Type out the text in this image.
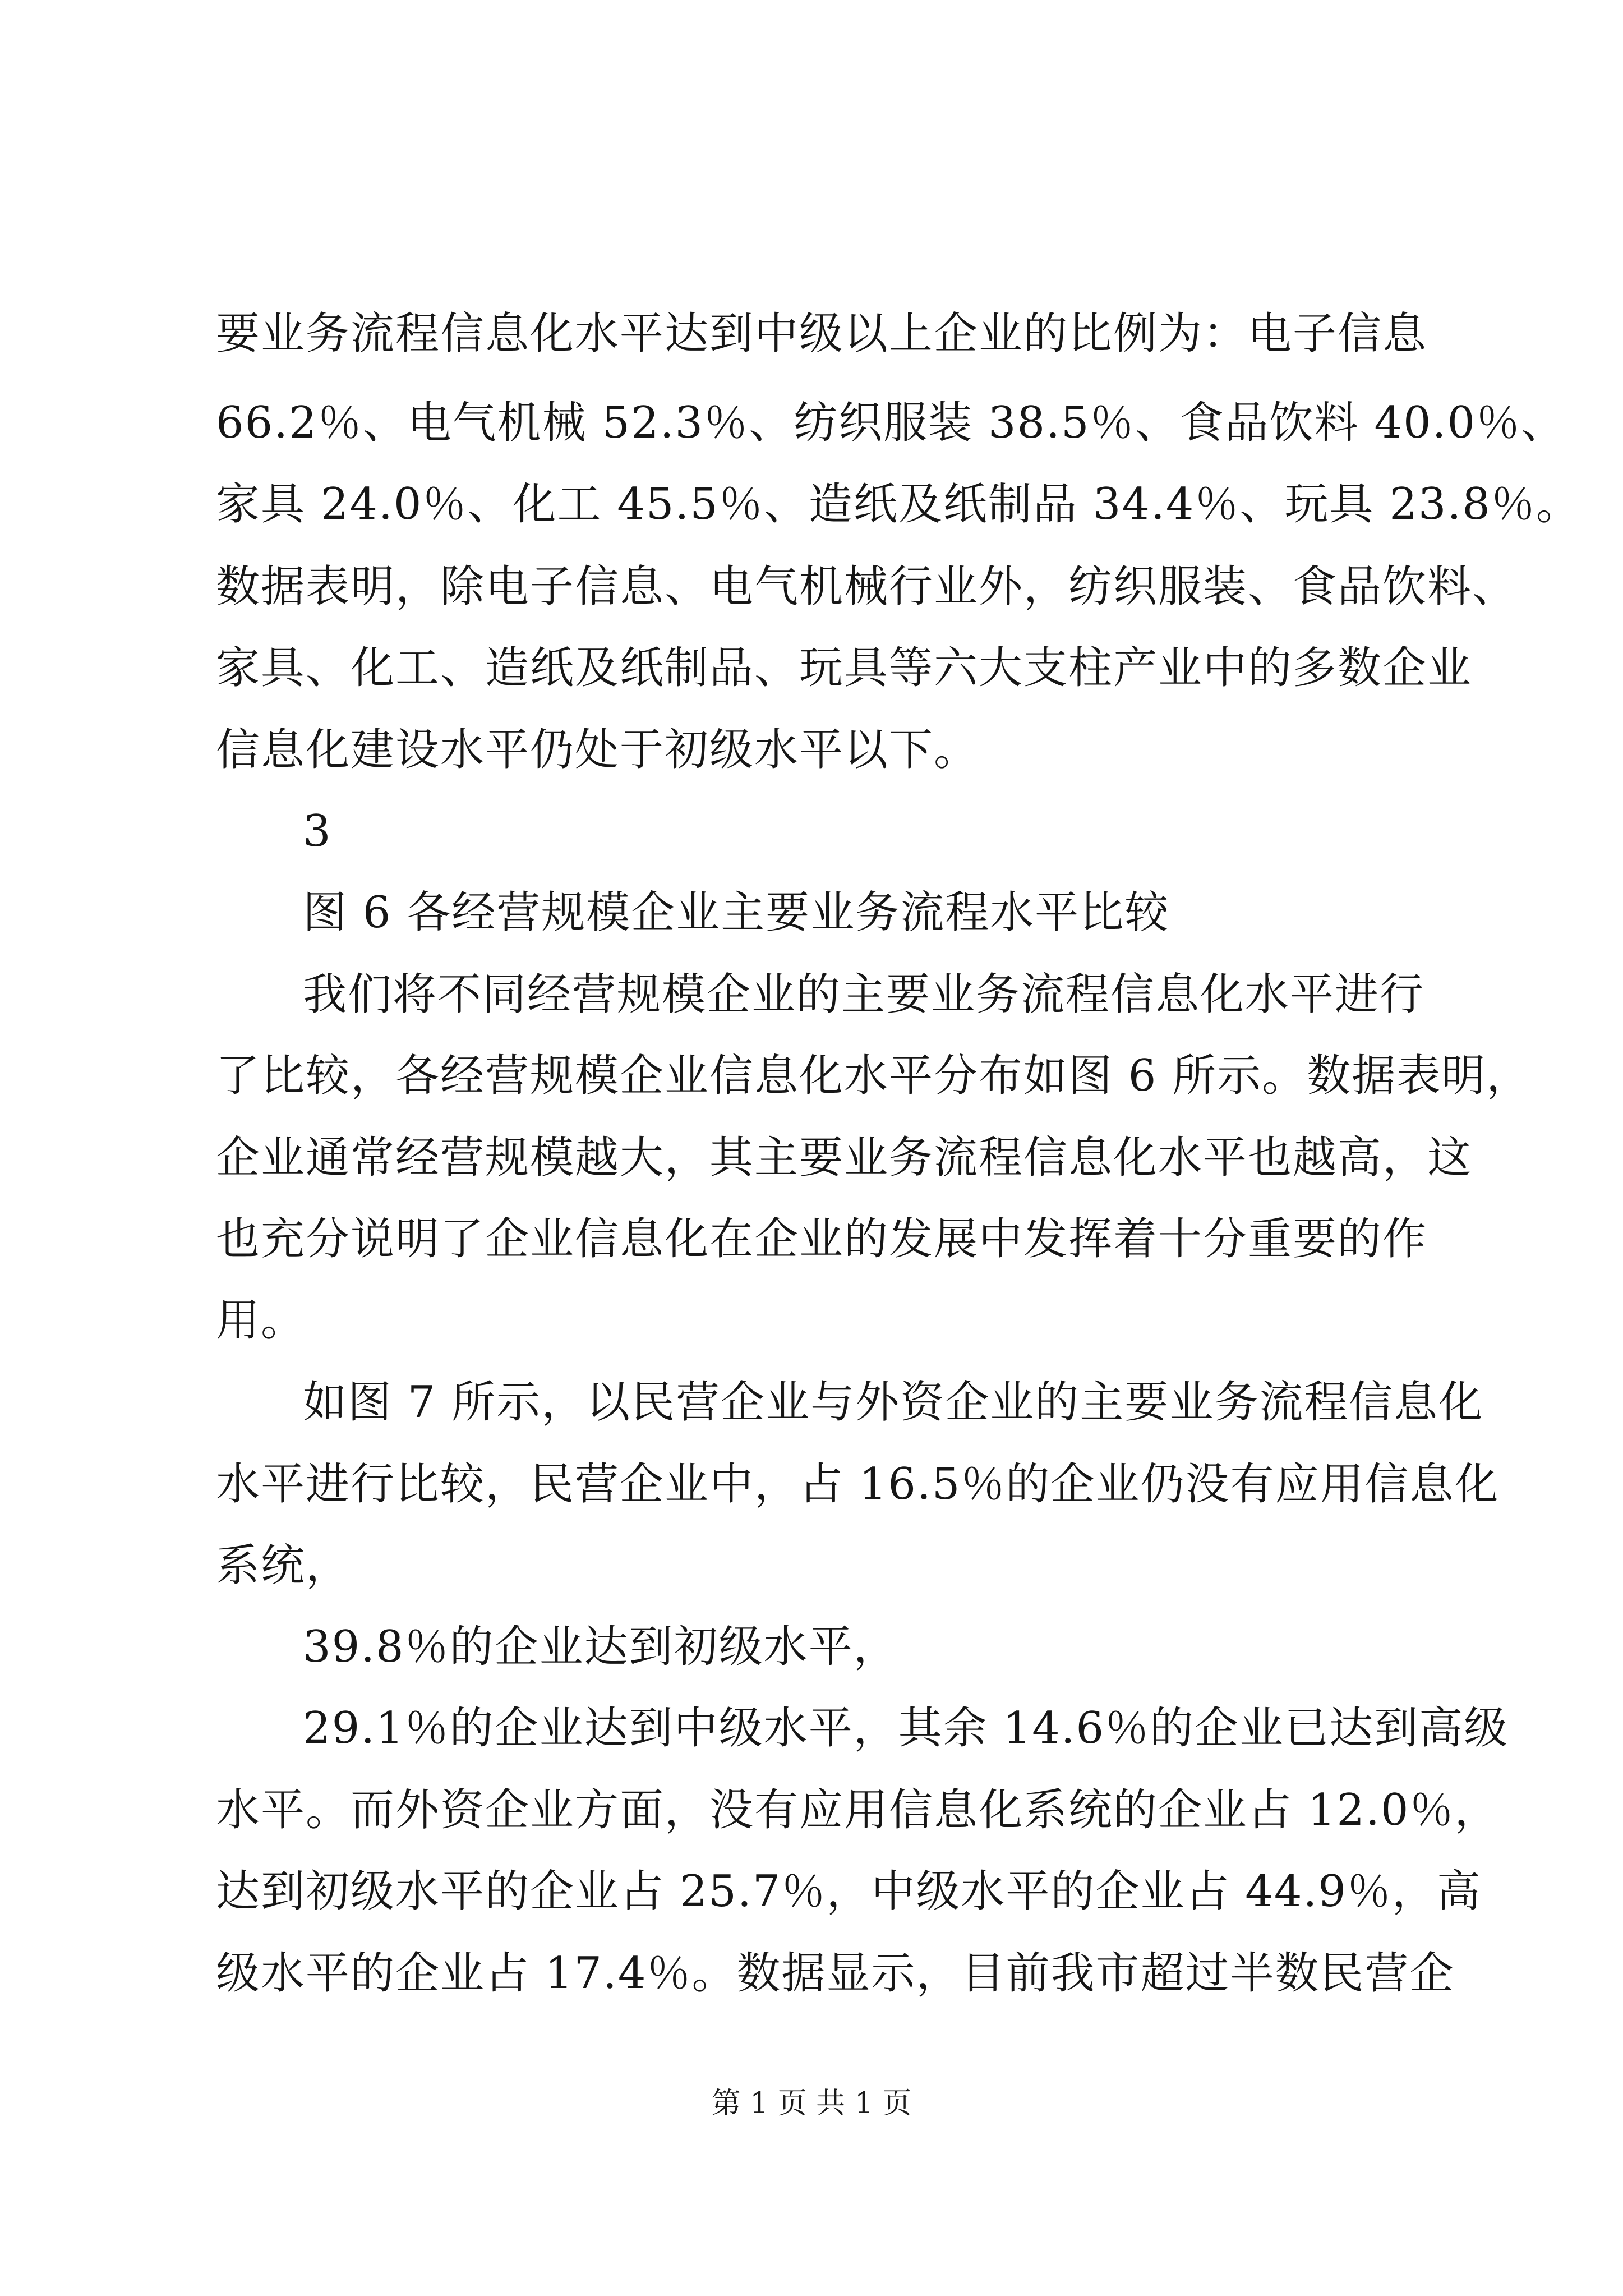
要业务流程信息化水平达到中级以上企业的比例为：电子信息
66.2％、电气机械 52.3％、纺织服装 38.5％、食品饮料 40.0％、
家具 24.0％、化工 45.5％、造纸及纸制品 34.4％、玩具 23.8％。
数据表明，除电子信息、电气机械行业外，纺织服装、食品饮料、
家具、化工、造纸及纸制品、玩具等六大支柱产业中的多数企业
信息化建设水平仍处于初级水平以下。
3
图 6 各经营规模企业主要业务流程水平比较
我们将不同经营规模企业的主要业务流程信息化水平进行
了比较，各经营规模企业信息化水平分布如图 6 所示。数据表明，
企业通常经营规模越大，其主要业务流程信息化水平也越高，这
也充分说明了企业信息化在企业的发展中发挥着十分重要的作
用。
如图 7 所示，以民营企业与外资企业的主要业务流程信息化
水平进行比较，民营企业中，占 16.5％的企业仍没有应用信息化
系统，
39.8％的企业达到初级水平，
29.1％的企业达到中级水平，其余 14.6％的企业已达到高级
水平。而外资企业方面，没有应用信息化系统的企业占 12.0％，
达到初级水平的企业占 25.7％，中级水平的企业占 44.9％，高
级水平的企业占 17.4％。数据显示，目前我市超过半数民营企
第 1 页 共 1 页
